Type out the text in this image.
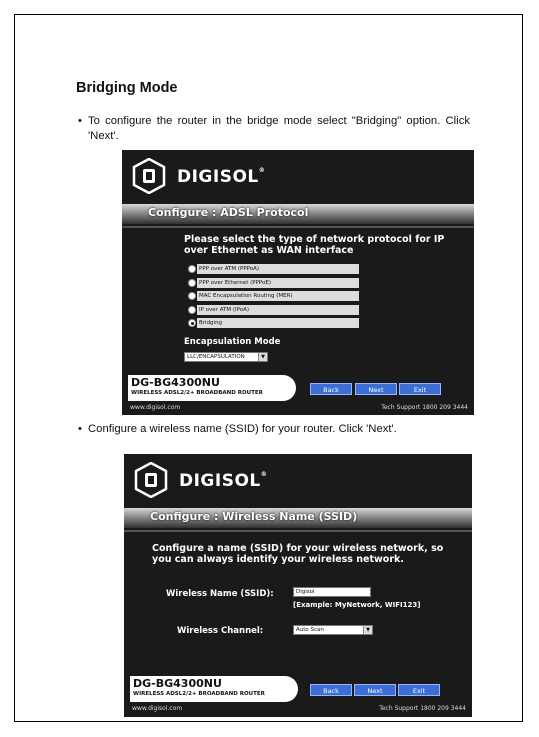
Bridging Mode
• To configure the router in the bridge mode select "Bridging" option. Click 'Next'.
DIGISOL®
Configure : ADSL Protocol
Please select the type of network protocol for IP over Ethernet as WAN interface
PPP over ATM (PPPoA)
PPP over Ethernet (PPPoE)
MAC Encapsulation Routing (MER)
IP over ATM (IPoA)
Bridging
Encapsulation Mode
LLC/ENCAPSULATION	▼
DG-BG4300NU
WIRELESS ADSL2/2+ BROADBAND ROUTER	Back	Next	Exit
www.digisol.com	Tech Support 1800 209 3444
• Configure a wireless name (SSID) for your router. Click 'Next'.
DIGISOL®
Configure : Wireless Name (SSID)
Configure a name (SSID) for your wireless network, so you can always identify your wireless network.
Wireless Name (SSID):	Digisol
[Example: MyNetwork, WIFI123]
Wireless Channel:	Auto Scan	▼
DG-BG4300NU
WIRELESS ADSL2/2+ BROADBAND ROUTER	Back	Next	Exit
www.digisol.com	Tech Support 1800 209 3444
